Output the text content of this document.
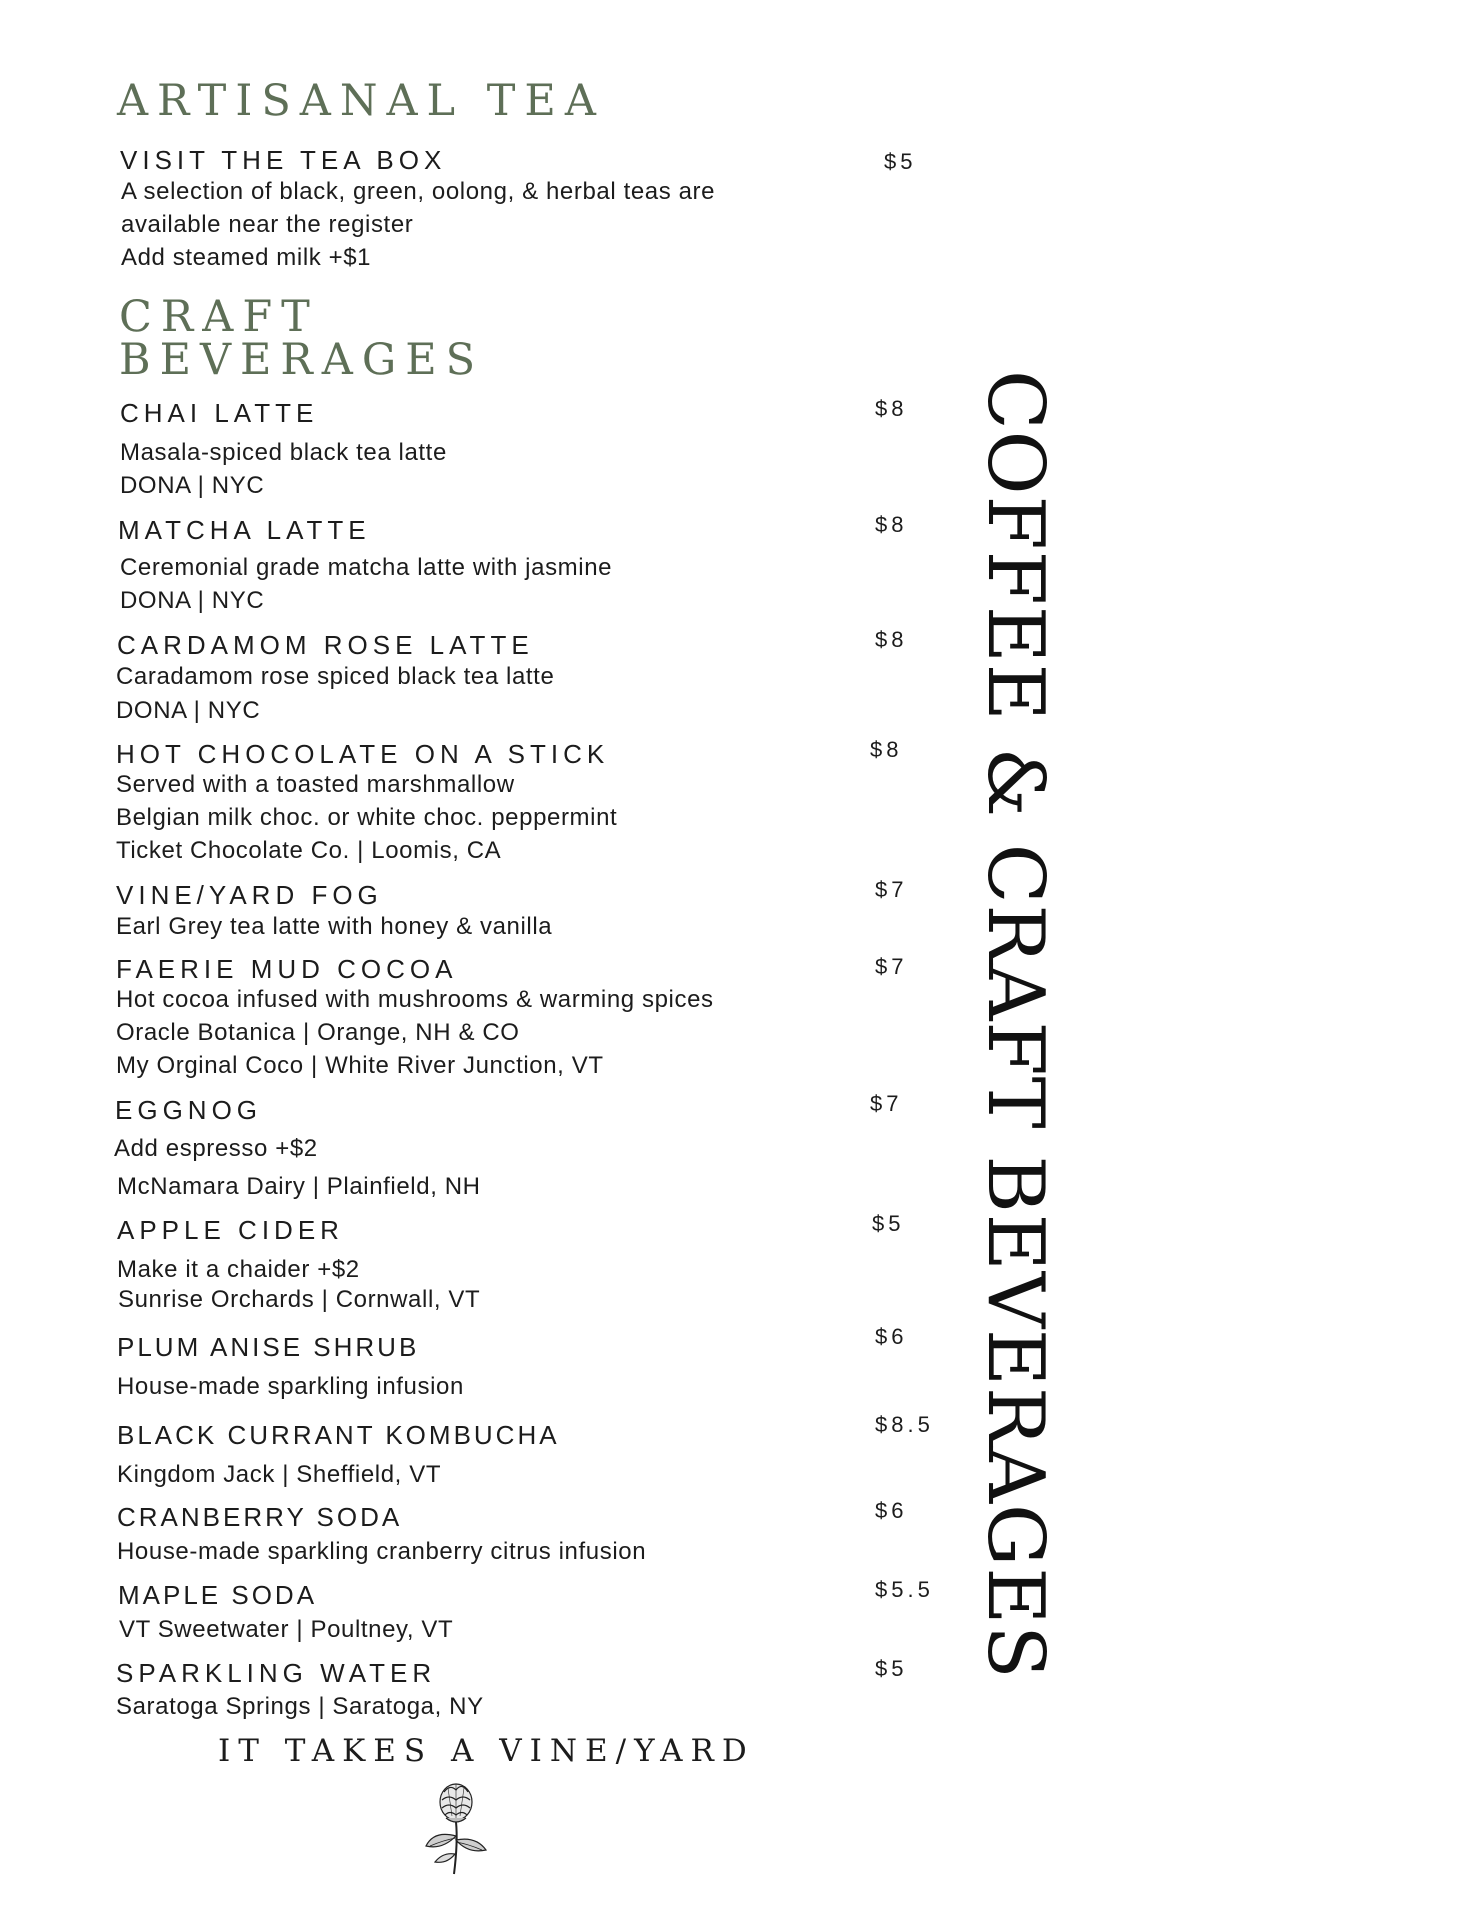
ARTISANAL TEA
VISIT THE TEA BOX	$5
A selection of black, green, oolong, & herbal teas are
available near the register
Add steamed milk +$1
CRAFT
BEVERAGES
CHAI LATTE	$8
Masala-spiced black tea latte
DONA | NYC
MATCHA LATTE	$8
Ceremonial grade matcha latte with jasmine
DONA | NYC
CARDAMOM ROSE LATTE	$8
Caradamom rose spiced black tea latte
DONA | NYC
HOT CHOCOLATE ON A STICK	$8
Served with a toasted marshmallow
Belgian milk choc. or white choc. peppermint
Ticket Chocolate Co. | Loomis, CA
VINE/YARD FOG	$7
Earl Grey tea latte with honey & vanilla
FAERIE MUD COCOA	$7
Hot cocoa infused with mushrooms & warming spices
Oracle Botanica | Orange, NH & CO
My Orginal Coco | White River Junction, VT
EGGNOG	$7
Add espresso +$2
McNamara Dairy | Plainfield, NH
APPLE CIDER	$5
Make it a chaider +$2
Sunrise Orchards | Cornwall, VT
PLUM ANISE SHRUB	$6
House-made sparkling infusion
BLACK CURRANT KOMBUCHA	$8.5
Kingdom Jack | Sheffield, VT
CRANBERRY SODA	$6
House-made sparkling cranberry citrus infusion
MAPLE SODA	$5.5
VT Sweetwater | Poultney, VT
SPARKLING WATER	$5
Saratoga Springs | Saratoga, NY
COFFEE & CRAFT BEVERAGES
IT TAKES A VINE/YARD
